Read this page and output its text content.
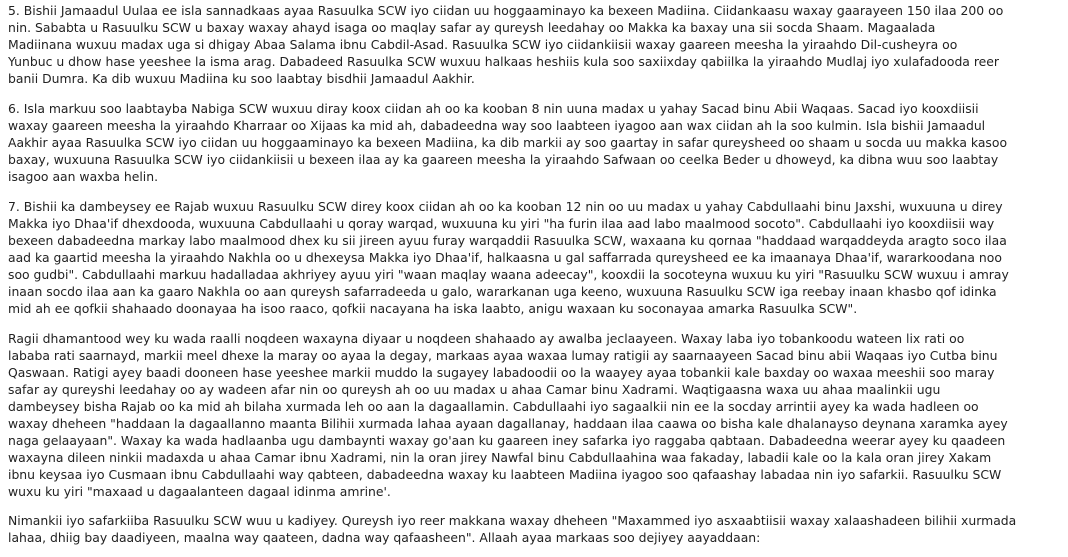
5. Bishii Jamaadul Uulaa ee isla sannadkaas ayaa Rasuulka SCW iyo ciidan uu hoggaaminayo ka bexeen Madiina. Ciidankaasu waxay gaarayeen 150 ilaa 200 oo
nin. Sababta u Rasuulku SCW u baxay waxay ahayd isaga oo maqlay safar ay qureysh leedahay oo Makka ka baxay una sii socda Shaam. Magaalada
Madiinana wuxuu madax uga si dhigay Abaa Salama ibnu Cabdil-Asad. Rasuulka SCW iyo ciidankiisii waxay gaareen meesha la yiraahdo Dil-cusheyra oo
Yunbuc u dhow hase yeeshee la isma arag. Dabadeed Rasuulka SCW wuxuu halkaas heshiis kula soo saxiixday qabiilka la yiraahdo Mudlaj iyo xulafadooda reer
banii Dumra. Ka dib wuxuu Madiina ku soo laabtay bisdhii Jamaadul Aakhir.

6. Isla markuu soo laabtayba Nabiga SCW wuxuu diray koox ciidan ah oo ka kooban 8 nin uuna madax u yahay Sacad binu Abii Waqaas. Sacad iyo kooxdiisii
waxay gaareen meesha la yiraahdo Kharraar oo Xijaas ka mid ah, dabadeedna way soo laabteen iyagoo aan wax ciidan ah la soo kulmin. Isla bishii Jamaadul
Aakhir ayaa Rasuulka SCW iyo ciidan uu hoggaaminayo ka bexeen Madiina, ka dib markii ay soo gaartay in safar qureysheed oo shaam u socda uu makka kasoo
baxay, wuxuuna Rasuulka SCW iyo ciidankiisii u bexeen ilaa ay ka gaareen meesha la yiraahdo Safwaan oo ceelka Beder u dhoweyd, ka dibna wuu soo laabtay
isagoo aan waxba helin.

7. Bishii ka dambeysey ee Rajab wuxuu Rasuulku SCW direy koox ciidan ah oo ka kooban 12 nin oo uu madax u yahay Cabdullaahi binu Jaxshi, wuxuuna u direy
Makka iyo Dhaa'if dhexdooda, wuxuuna Cabdullaahi u qoray warqad, wuxuuna ku yiri "ha furin ilaa aad labo maalmood socoto". Cabdullaahi iyo kooxdiisii way
bexeen dabadeedna markay labo maalmood dhex ku sii jireen ayuu furay warqaddii Rasuulka SCW, waxaana ku qornaa "haddaad warqaddeyda aragto soco ilaa
aad ka gaartid meesha la yiraahdo Nakhla oo u dhexeysa Makka iyo Dhaa'if, halkaasna u gal saffarrada qureysheed ee ka imaanaya Dhaa'if, wararkoodana noo
soo gudbi". Cabdullaahi markuu hadalladaa akhriyey ayuu yiri "waan maqlay waana adeecay", kooxdii la socoteyna wuxuu ku yiri "Rasuulku SCW wuxuu i amray
inaan socdo ilaa aan ka gaaro Nakhla oo aan qureysh safarradeeda u galo, wararkanan uga keeno, wuxuuna Rasuulku SCW iga reebay inaan khasbo qof idinka
mid ah ee qofkii shahaado doonayaa ha isoo raaco, qofkii nacayana ha iska laabto, anigu waxaan ku soconayaa amarka Rasuulka SCW".

Ragii dhamantood wey ku wada raalli noqdeen waxayna diyaar u noqdeen shahaado ay awalba jeclaayeen. Waxay laba iyo tobankoodu wateen lix rati oo
lababa rati saarnayd, markii meel dhexe la maray oo ayaa la degay, markaas ayaa waxaa lumay ratigii ay saarnaayeen Sacad binu abii Waqaas iyo Cutba binu
Qaswaan. Ratigi ayey baadi dooneen hase yeeshee markii muddo la sugayey labadoodii oo la waayey ayaa tobankii kale baxday oo waxaa meeshii soo maray
safar ay qureyshi leedahay oo ay wadeen afar nin oo qureysh ah oo uu madax u ahaa Camar binu Xadrami. Waqtigaasna waxa uu ahaa maalinkii ugu
dambeysey bisha Rajab oo ka mid ah bilaha xurmada leh oo aan la dagaallamin. Cabdullaahi iyo sagaalkii nin ee la socday arrintii ayey ka wada hadleen oo
waxay dheheen "haddaan la dagaallanno maanta Bilihii xurmada lahaa ayaan dagallanay, haddaan ilaa caawa oo bisha kale dhalanayso deynana xaramka ayey
naga gelaayaan". Waxay ka wada hadlaanba ugu dambaynti waxay go'aan ku gaareen iney safarka iyo raggaba qabtaan. Dabadeedna weerar ayey ku qaadeen
waxayna dileen ninkii madaxda u ahaa Camar ibnu Xadrami, nin la oran jirey Nawfal binu Cabdullaahina waa fakaday, labadii kale oo la kala oran jirey Xakam
ibnu keysaa iyo Cusmaan ibnu Cabdullaahi way qabteen, dabadeedna waxay ku laabteen Madiina iyagoo soo qafaashay labadaa nin iyo safarkii. Rasuulku SCW
wuxu ku yiri "maxaad u dagaalanteen dagaal idinma amrine'.

Nimankii iyo safarkiiba Rasuulku SCW wuu u kadiyey. Qureysh iyo reer makkana waxay dheheen "Maxammed iyo asxaabtiisii waxay xalaashadeen bilihii xurmada
lahaa, dhiig bay daadiyeen, maalna way qaateen, dadna way qafaasheen". Allaah ayaa markaas soo dejiyey aayaddaan:
